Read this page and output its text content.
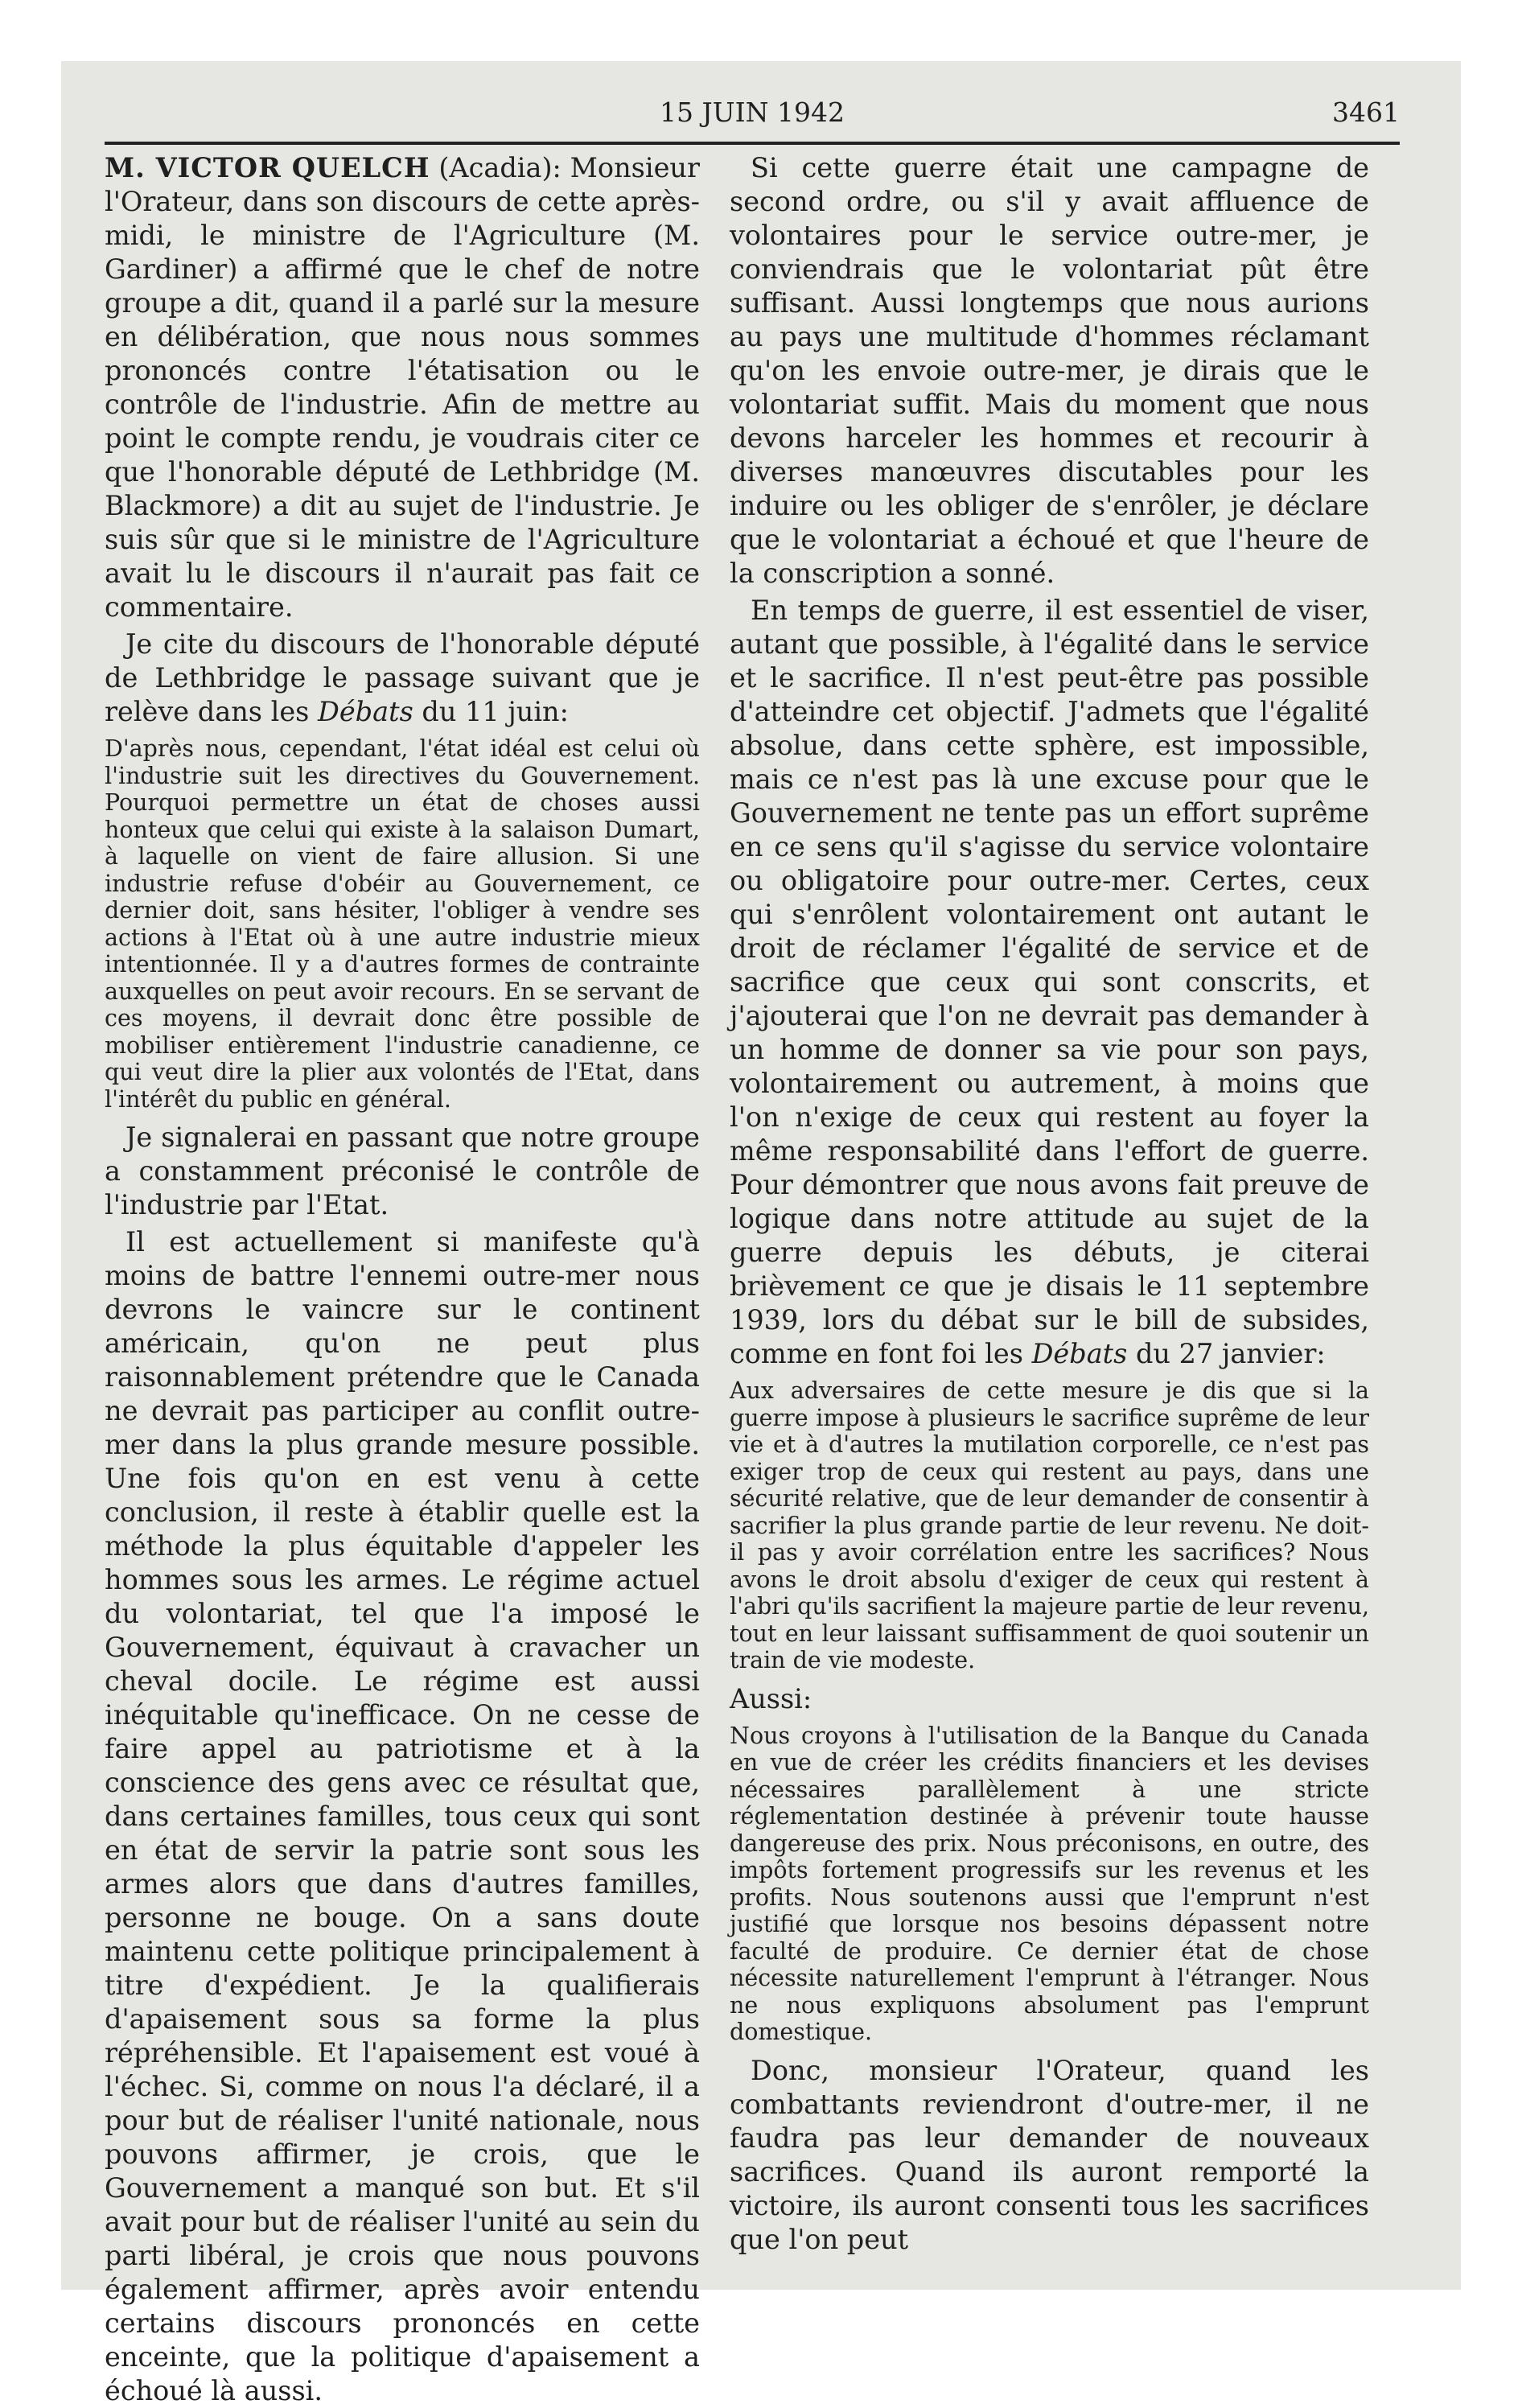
15 JUIN 1942	3461

M. VICTOR QUELCH (Acadia): Monsieur l'Orateur, dans son discours de cette après-midi, le ministre de l'Agriculture (M. Gardiner) a affirmé que le chef de notre groupe a dit, quand il a parlé sur la mesure en délibération, que nous nous sommes prononcés contre l'étatisation ou le contrôle de l'industrie. Afin de mettre au point le compte rendu, je voudrais citer ce que l'honorable député de Lethbridge (M. Blackmore) a dit au sujet de l'industrie. Je suis sûr que si le ministre de l'Agriculture avait lu le discours il n'aurait pas fait ce commentaire.

Je cite du discours de l'honorable député de Lethbridge le passage suivant que je relève dans les Débats du 11 juin:

D'après nous, cependant, l'état idéal est celui où l'industrie suit les directives du Gouvernement. Pourquoi permettre un état de choses aussi honteux que celui qui existe à la salaison Dumart, à laquelle on vient de faire allusion. Si une industrie refuse d'obéir au Gouvernement, ce dernier doit, sans hésiter, l'obliger à vendre ses actions à l'Etat où à une autre industrie mieux intentionnée. Il y a d'autres formes de contrainte auxquelles on peut avoir recours. En se servant de ces moyens, il devrait donc être possible de mobiliser entièrement l'industrie canadienne, ce qui veut dire la plier aux volontés de l'Etat, dans l'intérêt du public en général.

Je signalerai en passant que notre groupe a constamment préconisé le contrôle de l'industrie par l'Etat.

Il est actuellement si manifeste qu'à moins de battre l'ennemi outre-mer nous devrons le vaincre sur le continent américain, qu'on ne peut plus raisonnablement prétendre que le Canada ne devrait pas participer au conflit outre-mer dans la plus grande mesure possible. Une fois qu'on en est venu à cette conclusion, il reste à établir quelle est la méthode la plus équitable d'appeler les hommes sous les armes. Le régime actuel du volontariat, tel que l'a imposé le Gouvernement, équivaut à cravacher un cheval docile. Le régime est aussi inéquitable qu'inefficace. On ne cesse de faire appel au patriotisme et à la conscience des gens avec ce résultat que, dans certaines familles, tous ceux qui sont en état de servir la patrie sont sous les armes alors que dans d'autres familles, personne ne bouge. On a sans doute maintenu cette politique principalement à titre d'expédient. Je la qualifierais d'apaisement sous sa forme la plus répréhensible. Et l'apaisement est voué à l'échec. Si, comme on nous l'a déclaré, il a pour but de réaliser l'unité nationale, nous pouvons affirmer, je crois, que le Gouvernement a manqué son but. Et s'il avait pour but de réaliser l'unité au sein du parti libéral, je crois que nous pouvons également affirmer, après avoir entendu certains discours prononcés en cette enceinte, que la politique d'apaisement a échoué là aussi.

Si cette guerre était une campagne de second ordre, ou s'il y avait affluence de volontaires pour le service outre-mer, je conviendrais que le volontariat pût être suffisant. Aussi longtemps que nous aurions au pays une multitude d'hommes réclamant qu'on les envoie outre-mer, je dirais que le volontariat suffit. Mais du moment que nous devons harceler les hommes et recourir à diverses manœuvres discutables pour les induire ou les obliger de s'enrôler, je déclare que le volontariat a échoué et que l'heure de la conscription a sonné.

En temps de guerre, il est essentiel de viser, autant que possible, à l'égalité dans le service et le sacrifice. Il n'est peut-être pas possible d'atteindre cet objectif. J'admets que l'égalité absolue, dans cette sphère, est impossible, mais ce n'est pas là une excuse pour que le Gouvernement ne tente pas un effort suprême en ce sens qu'il s'agisse du service volontaire ou obligatoire pour outre-mer. Certes, ceux qui s'enrôlent volontairement ont autant le droit de réclamer l'égalité de service et de sacrifice que ceux qui sont conscrits, et j'ajouterai que l'on ne devrait pas demander à un homme de donner sa vie pour son pays, volontairement ou autrement, à moins que l'on n'exige de ceux qui restent au foyer la même responsabilité dans l'effort de guerre. Pour démontrer que nous avons fait preuve de logique dans notre attitude au sujet de la guerre depuis les débuts, je citerai brièvement ce que je disais le 11 septembre 1939, lors du débat sur le bill de subsides, comme en font foi les Débats du 27 janvier:

Aux adversaires de cette mesure je dis que si la guerre impose à plusieurs le sacrifice suprême de leur vie et à d'autres la mutilation corporelle, ce n'est pas exiger trop de ceux qui restent au pays, dans une sécurité relative, que de leur demander de consentir à sacrifier la plus grande partie de leur revenu. Ne doit-il pas y avoir corrélation entre les sacrifices? Nous avons le droit absolu d'exiger de ceux qui restent à l'abri qu'ils sacrifient la majeure partie de leur revenu, tout en leur laissant suffisamment de quoi soutenir un train de vie modeste.

Aussi:

Nous croyons à l'utilisation de la Banque du Canada en vue de créer les crédits financiers et les devises nécessaires parallèlement à une stricte réglementation destinée à prévenir toute hausse dangereuse des prix. Nous préconisons, en outre, des impôts fortement progressifs sur les revenus et les profits. Nous soutenons aussi que l'emprunt n'est justifié que lorsque nos besoins dépassent notre faculté de produire. Ce dernier état de chose nécessite naturellement l'emprunt à l'étranger. Nous ne nous expliquons absolument pas l'emprunt domestique.

Donc, monsieur l'Orateur, quand les combattants reviendront d'outre-mer, il ne faudra pas leur demander de nouveaux sacrifices. Quand ils auront remporté la victoire, ils auront consenti tous les sacrifices que l'on peut
